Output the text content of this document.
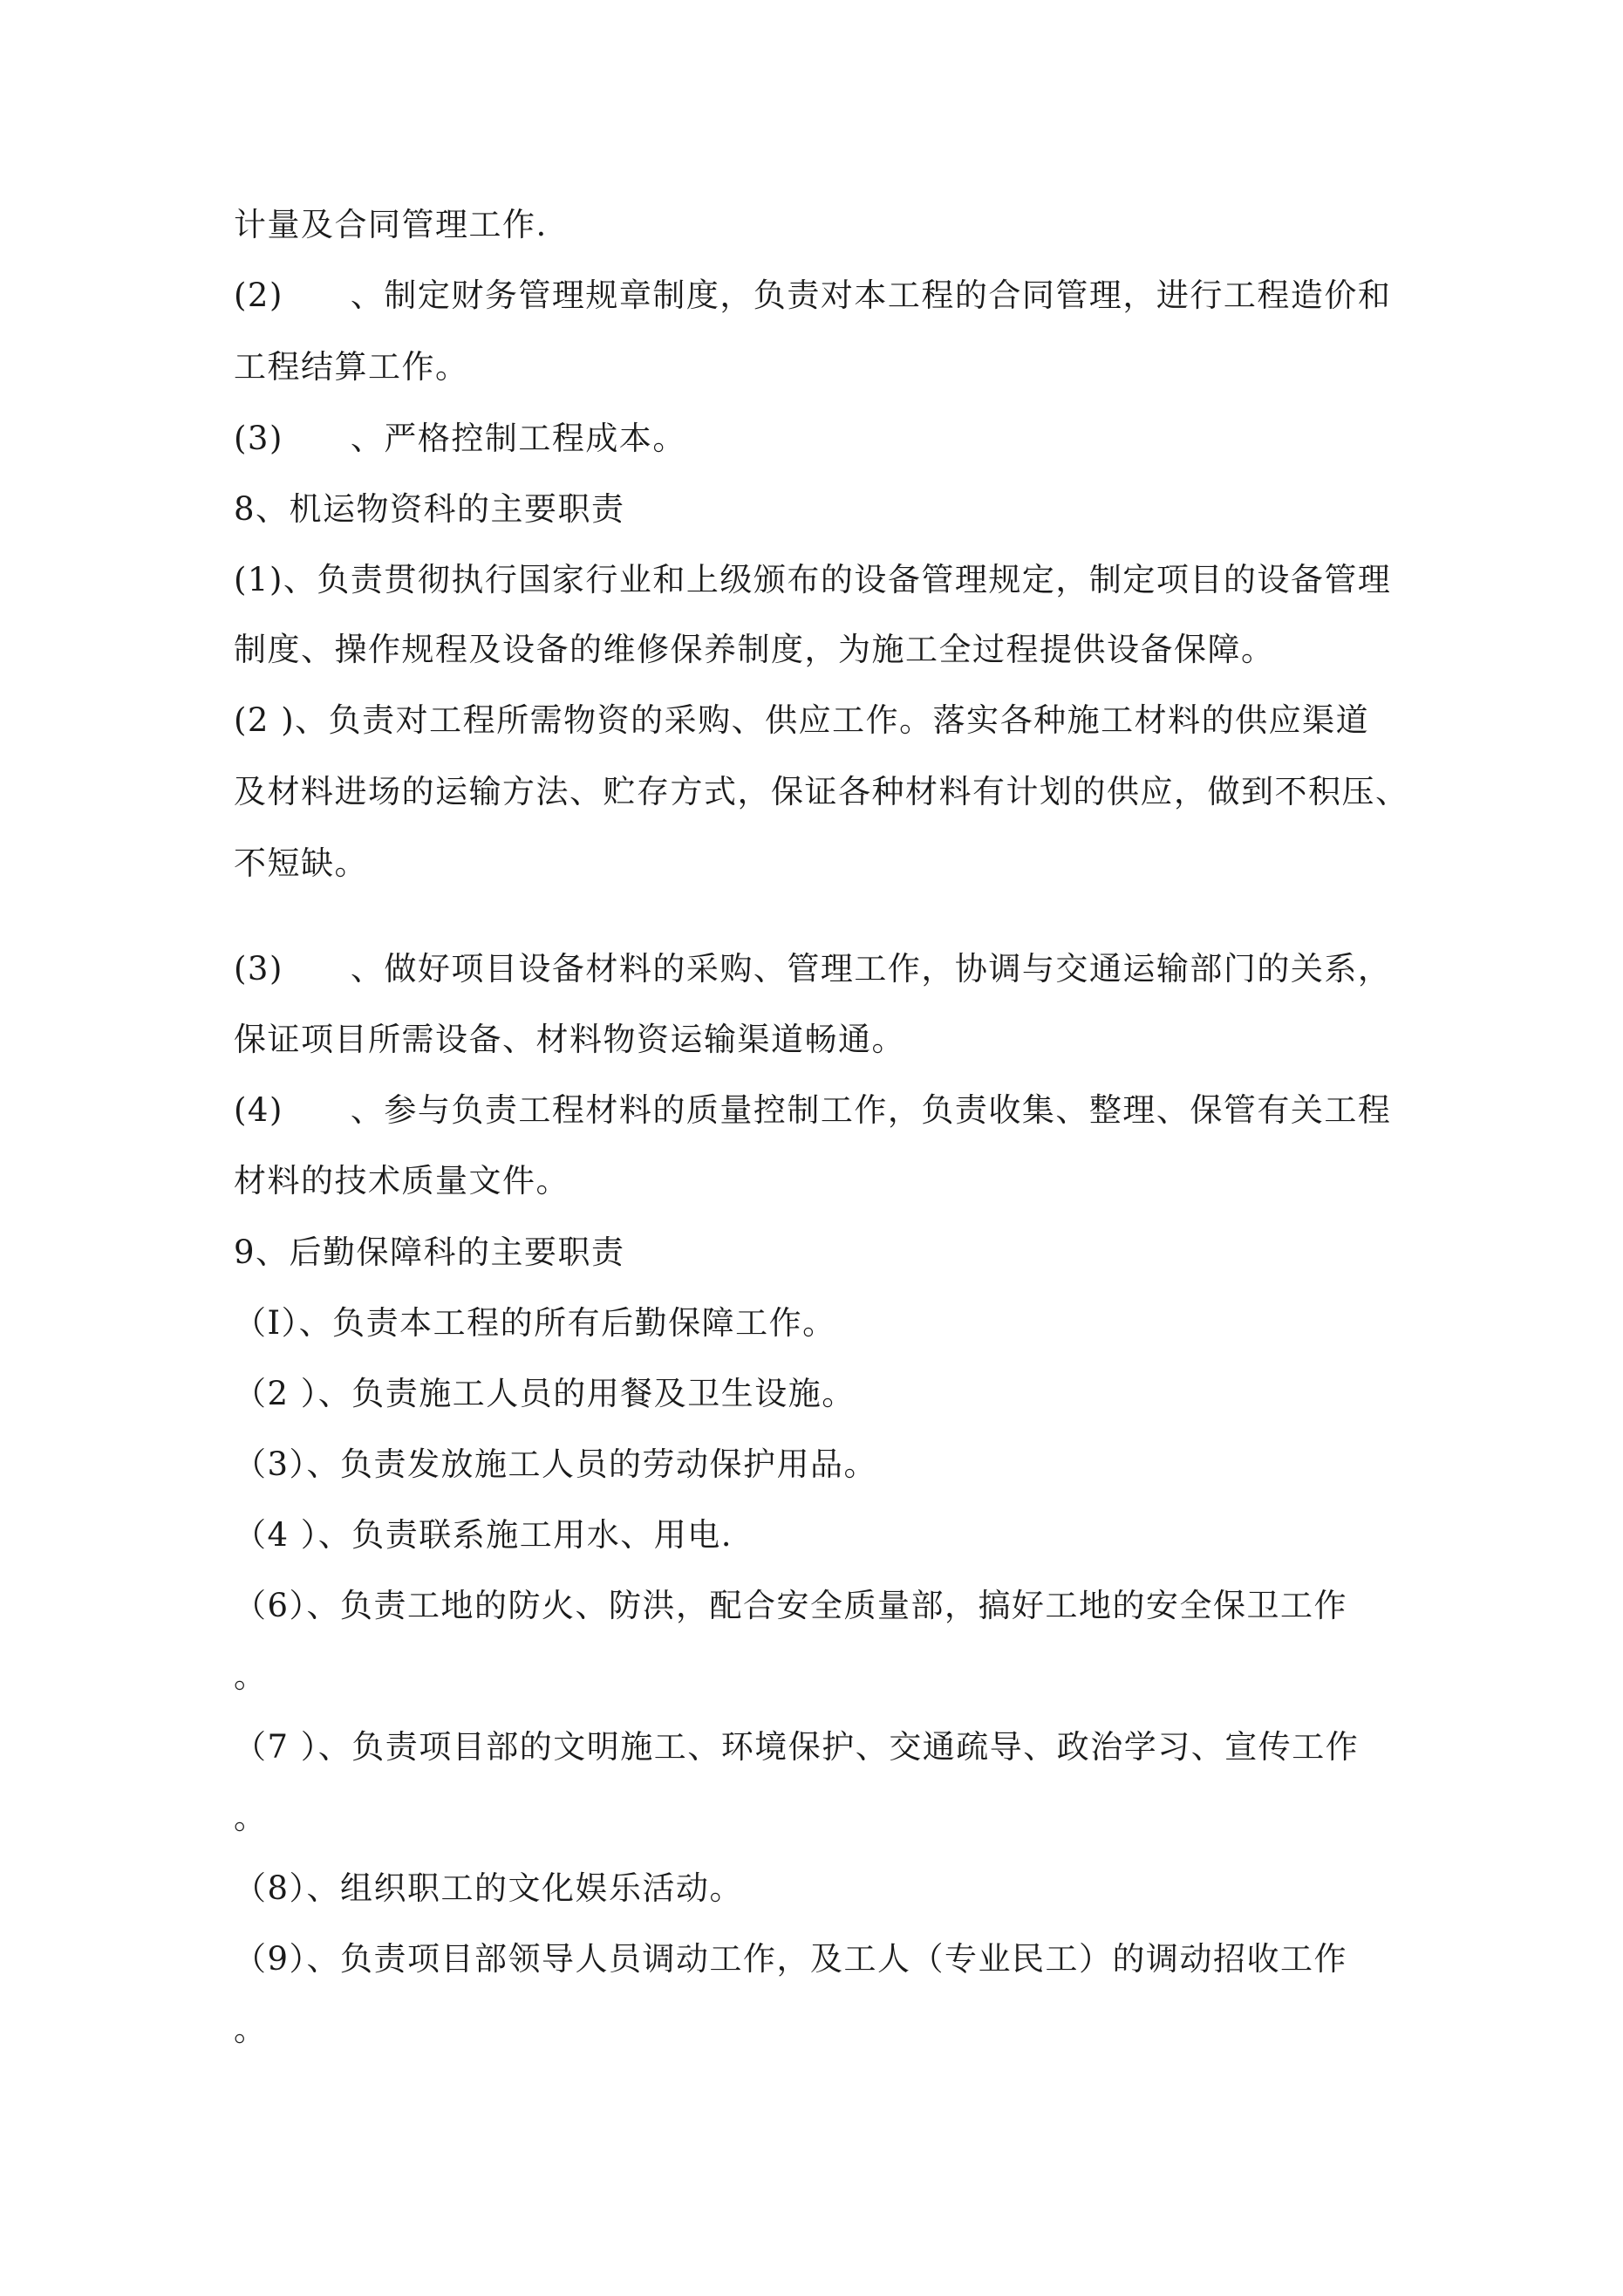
计量及合同管理工作.

(2)　　、制定财务管理规章制度，负责对本工程的合同管理，进行工程造价和

工程结算工作。

(3)　　、严格控制工程成本。

8、机运物资科的主要职责

(1)、负责贯彻执行国家行业和上级颁布的设备管理规定，制定项目的设备管理

制度、操作规程及设备的维修保养制度，为施工全过程提供设备保障。

(2 )、负责对工程所需物资的采购、供应工作。落实各种施工材料的供应渠道

及材料进场的运输方法、贮存方式，保证各种材料有计划的供应，做到不积压、

不短缺。

(3)　　、做好项目设备材料的采购、管理工作，协调与交通运输部门的关系，

保证项目所需设备、材料物资运输渠道畅通。

(4)　　、参与负责工程材料的质量控制工作，负责收集、整理、保管有关工程

材料的技术质量文件。

9、后勤保障科的主要职责

（I）、负责本工程的所有后勤保障工作。

（2 ）、负责施工人员的用餐及卫生设施。

（3）、负责发放施工人员的劳动保护用品。

（4 ）、负责联系施工用水、用电.

（6）、负责工地的防火、防洪，配合安全质量部，搞好工地的安全保卫工作

。

（7 ）、负责项目部的文明施工、环境保护、交通疏导、政治学习、宣传工作

。

（8）、组织职工的文化娱乐活动。

（9）、负责项目部领导人员调动工作，及工人（专业民工）的调动招收工作

。
